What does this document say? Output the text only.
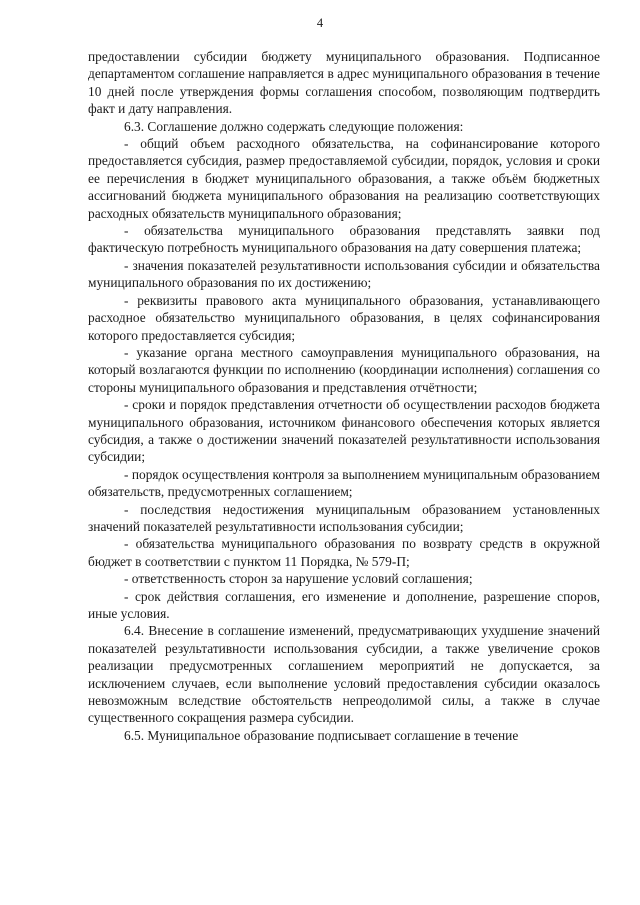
4

предоставлении субсидии бюджету муниципального образования. Подписанное департаментом соглашение направляется в адрес муниципального образования в течение 10 дней после утверждения формы соглашения способом, позволяющим подтвердить факт и дату направления.

6.3. Соглашение должно содержать следующие положения:

- общий объем расходного обязательства, на софинансирование которого предоставляется субсидия, размер предоставляемой субсидии, порядок, условия и сроки ее перечисления в бюджет муниципального образования, а также объём бюджетных ассигнований бюджета муниципального образования на реализацию соответствующих расходных обязательств муниципального образования;

- обязательства муниципального образования представлять заявки под фактическую потребность муниципального образования на дату совершения платежа;

- значения показателей результативности использования субсидии и обязательства муниципального образования по их достижению;

- реквизиты правового акта муниципального образования, устанавливающего расходное обязательство муниципального образования, в целях софинансирования которого предоставляется субсидия;

- указание органа местного самоуправления муниципального образования, на который возлагаются функции по исполнению (координации исполнения) соглашения со стороны муниципального образования и представления отчётности;

- сроки и порядок представления отчетности об осуществлении расходов бюджета муниципального образования, источником финансового обеспечения которых является субсидия, а также о достижении значений показателей результативности использования субсидии;

- порядок осуществления контроля за выполнением муниципальным образованием обязательств, предусмотренных соглашением;

- последствия недостижения муниципальным образованием установленных значений показателей результативности использования субсидии;

- обязательства муниципального образования по возврату средств в окружной бюджет в соответствии с пунктом 11 Порядка, № 579-П;

- ответственность сторон за нарушение условий соглашения;

- срок действия соглашения, его изменение и дополнение, разрешение споров, иные условия.

6.4. Внесение в соглашение изменений, предусматривающих ухудшение значений показателей результативности использования субсидии, а также увеличение сроков реализации предусмотренных соглашением мероприятий не допускается, за исключением случаев, если выполнение условий предоставления субсидии оказалось невозможным вследствие обстоятельств непреодолимой силы, а также в случае существенного сокращения размера субсидии.

6.5. Муниципальное образование подписывает соглашение в течение
